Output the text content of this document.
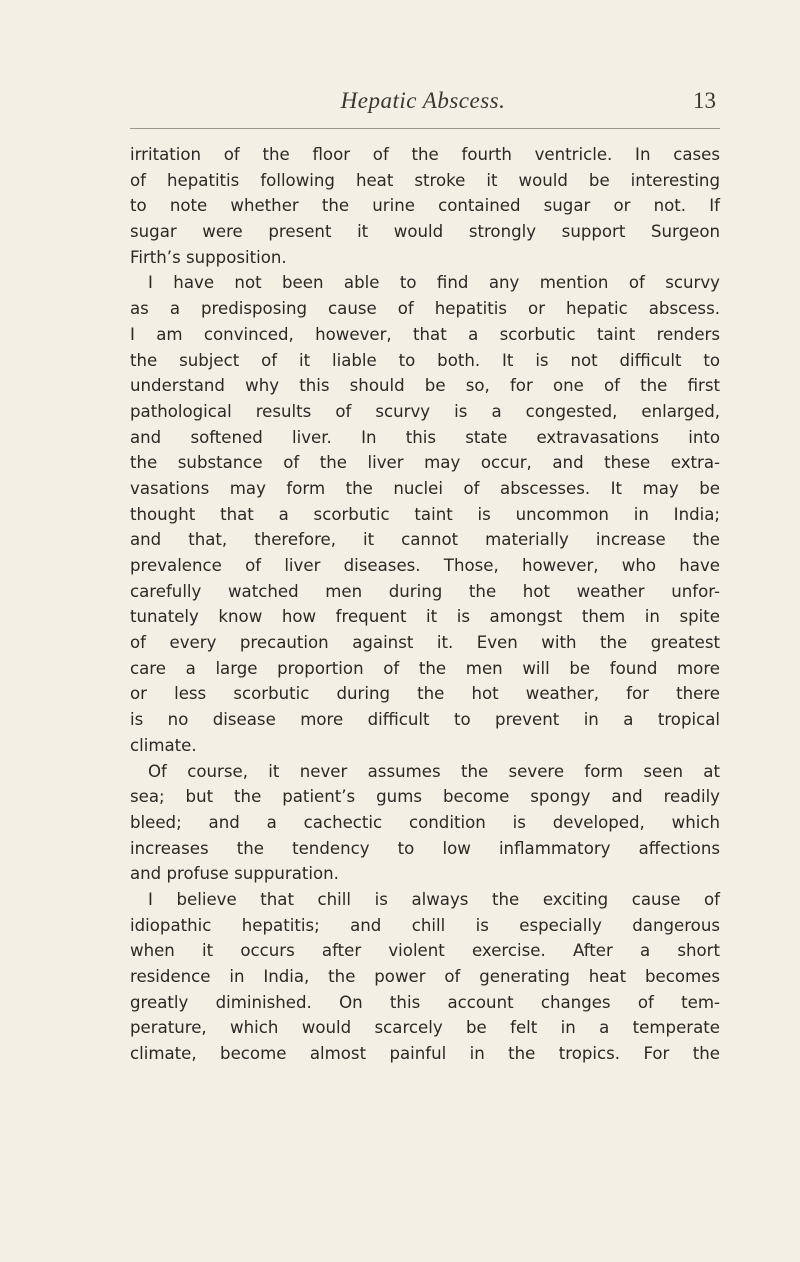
Hepatic Abscess.	13
irritation of the floor of the fourth ventricle. In cases
of hepatitis following heat stroke it would be interesting
to note whether the urine contained sugar or not. If
sugar were present it would strongly support Surgeon
Firth’s supposition.
I have not been able to find any mention of scurvy
as a predisposing cause of hepatitis or hepatic abscess.
I am convinced, however, that a scorbutic taint renders
the subject of it liable to both. It is not difficult to
understand why this should be so, for one of the first
pathological results of scurvy is a congested, enlarged,
and softened liver. In this state extravasations into
the substance of the liver may occur, and these extra-
vasations may form the nuclei of abscesses. It may be
thought that a scorbutic taint is uncommon in India;
and that, therefore, it cannot materially increase the
prevalence of liver diseases. Those, however, who have
carefully watched men during the hot weather unfor-
tunately know how frequent it is amongst them in spite
of every precaution against it. Even with the greatest
care a large proportion of the men will be found more
or less scorbutic during the hot weather, for there
is no disease more difficult to prevent in a tropical
climate.
Of course, it never assumes the severe form seen at
sea; but the patient’s gums become spongy and readily
bleed; and a cachectic condition is developed, which
increases the tendency to low inflammatory affections
and profuse suppuration.
I believe that chill is always the exciting cause of
idiopathic hepatitis; and chill is especially dangerous
when it occurs after violent exercise. After a short
residence in India, the power of generating heat becomes
greatly diminished. On this account changes of tem-
perature, which would scarcely be felt in a temperate
climate, become almost painful in the tropics. For the
